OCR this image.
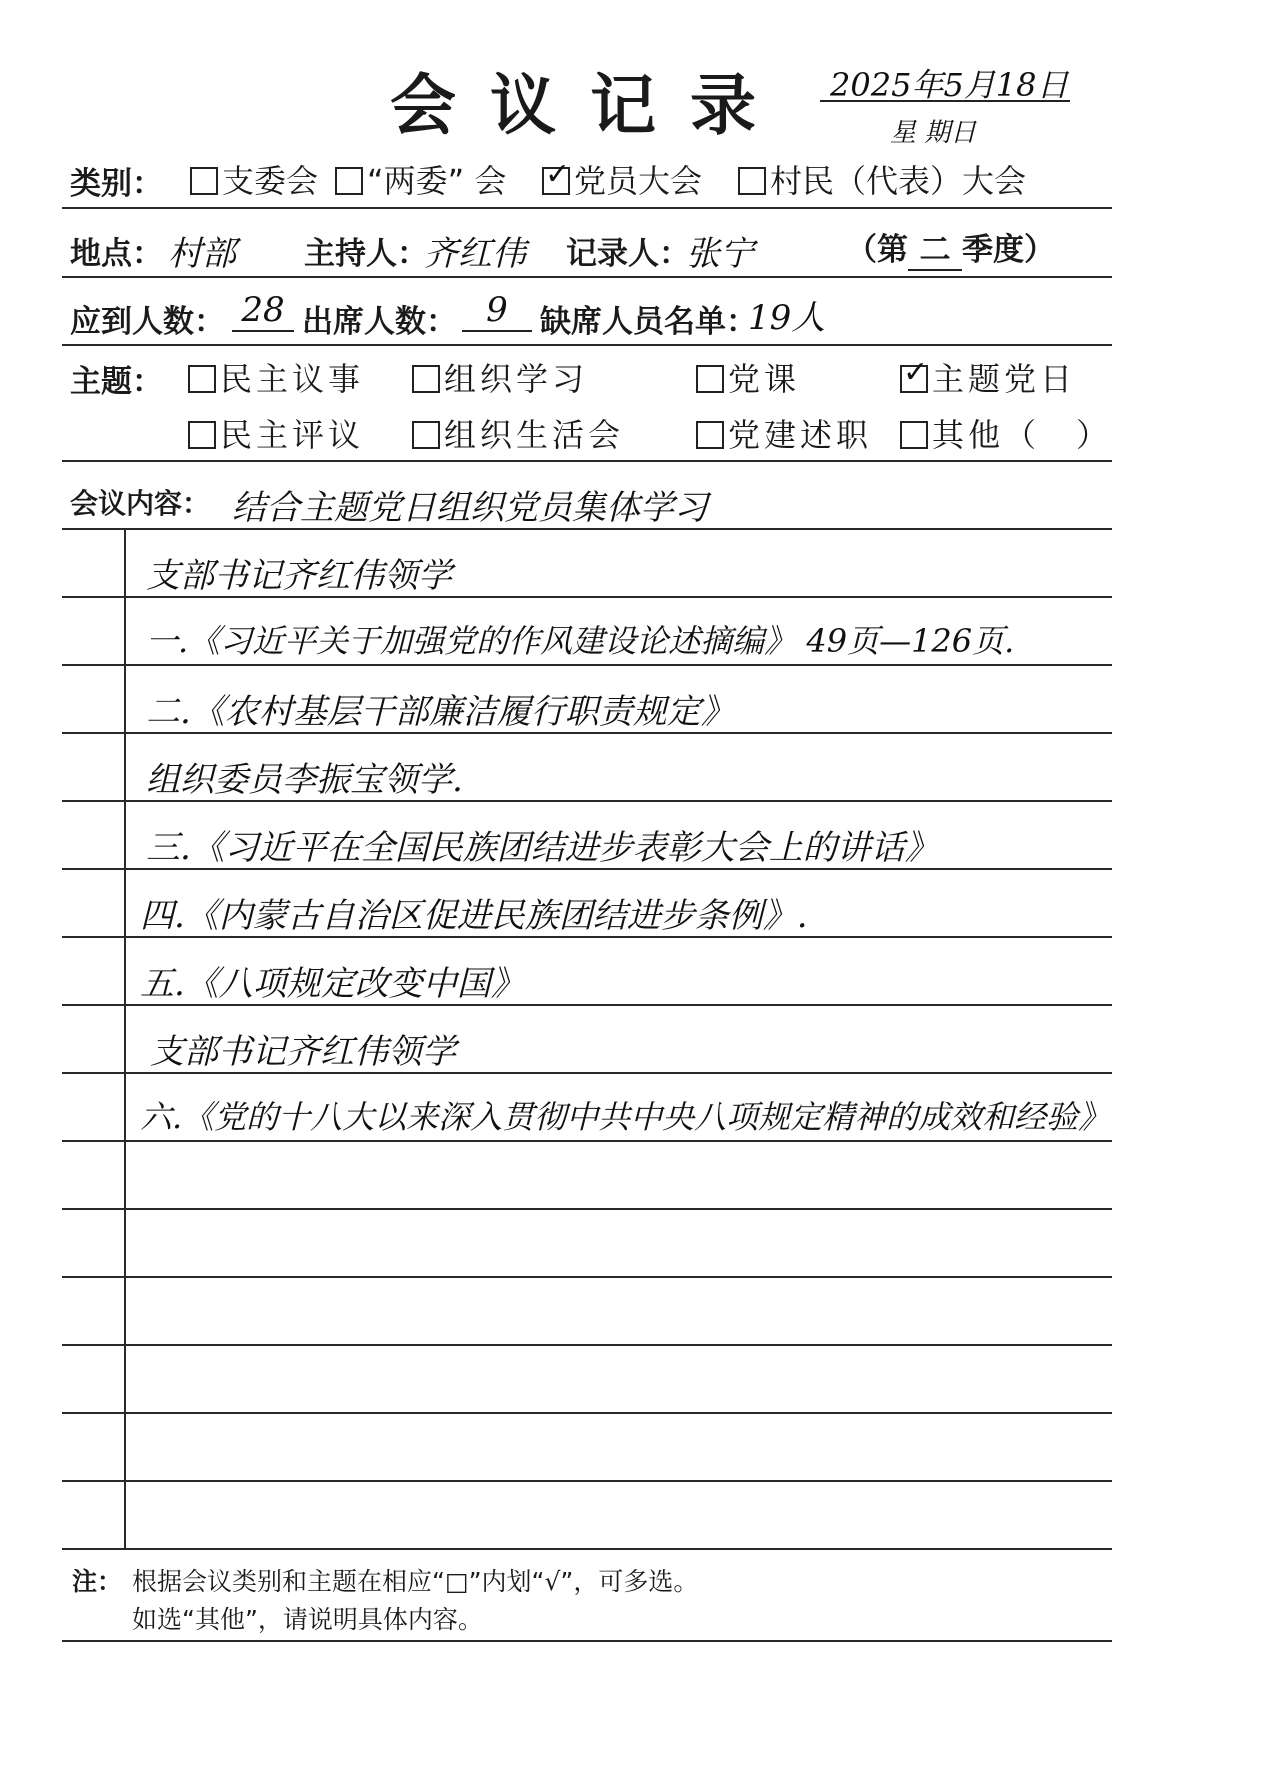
会议记录 2025年5月18日
星 期日
类别：	支委会	“两委” 会 ✓	党员大会	村民（代表）大会
地点： 村部 主持人：
齐红伟 记录人：
张宁	（第 二 季度）
应到人数： 28 出席人数： 9	缺席人员名单：
19人
主题：	民主议事	组织学习	党课 ✓	主题党日
民主评议	组织生活会	党建述职	其他（　）
会议内容： 结合主题党日组织党员集体学习
支部书记齐红伟领学
一.《习近平关于加强党的作风建设论述摘编》 49页—126页.
二.《农村基层干部廉洁履行职责规定》
组织委员李振宝领学.
三.《习近平在全国民族团结进步表彰大会上的讲话》
四.《内蒙古自治区促进民族团结进步条例》.
五.《八项规定改变中国》
支部书记齐红伟领学
六.《党的十八大以来深入贯彻中共中央八项规定精神的成效和经验》
注： 根据会议类别和主题在相应“□”内划“√”，可多选。
如选“其他”，请说明具体内容。
